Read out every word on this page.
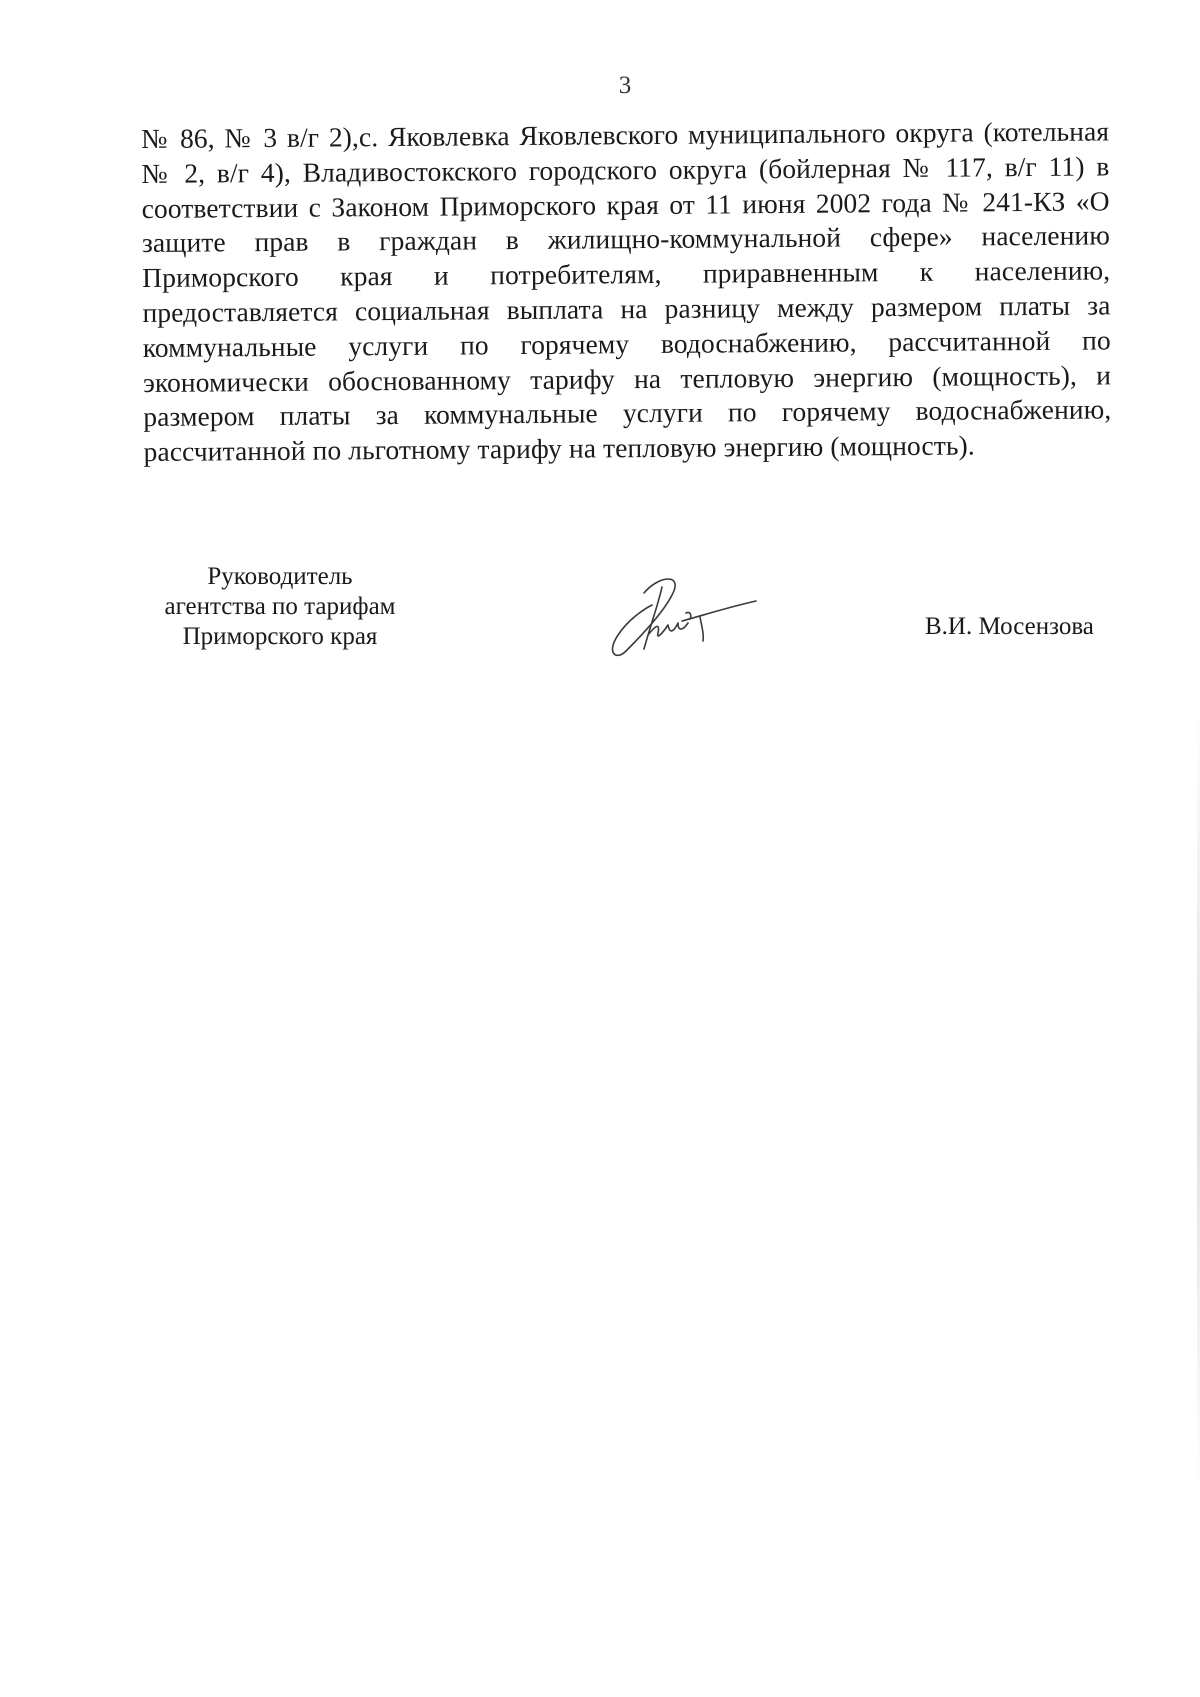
3
№ 86, № 3 в/г 2),с. Яковлевка Яковлевского муниципального округа (котельная
№ 2, в/г 4), Владивостокского городского округа (бойлерная № 117, в/г 11) в
соответствии с Законом Приморского края от 11 июня 2002 года № 241-КЗ «О
защите прав в граждан в жилищно-коммунальной сфере» населению
Приморского края и потребителям, приравненным к населению,
предоставляется социальная выплата на разницу между размером платы за
коммунальные услуги по горячему водоснабжению, рассчитанной по
экономически обоснованному тарифу на тепловую энергию (мощность), и
размером платы за коммунальные услуги по горячему водоснабжению,
рассчитанной по льготному тарифу на тепловую энергию (мощность).
Руководитель
агентства по тарифам
Приморского края	В.И. Мосензова
